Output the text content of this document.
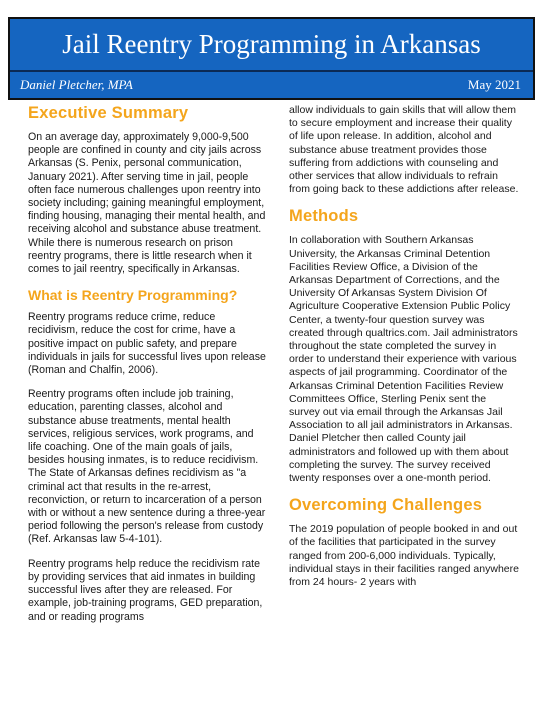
Jail Reentry Programming in Arkansas
Daniel Pletcher, MPA	May 2021
Executive Summary

On an average day, approximately 9,000-9,500 people are confined in county and city jails across Arkansas (S. Penix, personal communication, January 2021). After serving time in jail, people often face numerous challenges upon reentry into society including; gaining meaningful employment, finding housing, managing their mental health, and receiving alcohol and substance abuse treatment. While there is numerous research on prison reentry programs, there is little research when it comes to jail reentry, specifically in Arkansas.

What is Reentry Programming?

Reentry programs reduce crime, reduce recidivism, reduce the cost for crime, have a positive impact on public safety, and prepare individuals in jails for successful lives upon release (Roman and Chalfin, 2006).

Reentry programs often include job training, education, parenting classes, alcohol and substance abuse treatments, mental health services, religious services, work programs, and life coaching. One of the main goals of jails, besides housing inmates, is to reduce recidivism. The State of Arkansas defines recidivism as "a criminal act that results in the re-arrest, reconviction, or return to incarceration of a person with or without a new sentence during a three-year period following the person's release from custody (Ref. Arkansas law 5-4-101).

Reentry programs help reduce the recidivism rate by providing services that aid inmates in building successful lives after they are released. For example, job-training programs, GED preparation, and or reading programs

allow individuals to gain skills that will allow them to secure employment and increase their quality of life upon release. In addition, alcohol and substance abuse treatment provides those suffering from addictions with counseling and other services that allow individuals to refrain from going back to these addictions after release.

Methods

In collaboration with Southern Arkansas University, the Arkansas Criminal Detention Facilities Review Office, a Division of the Arkansas Department of Corrections, and the University Of Arkansas System Division Of Agriculture Cooperative Extension Public Policy Center, a twenty-four question survey was created through qualtrics.com. Jail administrators throughout the state completed the survey in order to understand their experience with various aspects of jail programming. Coordinator of the Arkansas Criminal Detention Facilities Review Committees Office, Sterling Penix sent the survey out via email through the Arkansas Jail Association to all jail administrators in Arkansas. Daniel Pletcher then called County jail administrators and followed up with them about completing the survey. The survey received twenty responses over a one-month period.

Overcoming Challenges

The 2019 population of people booked in and out of the facilities that participated in the survey ranged from 200-6,000 individuals. Typically, individual stays in their facilities ranged anywhere from 24 hours- 2 years with
